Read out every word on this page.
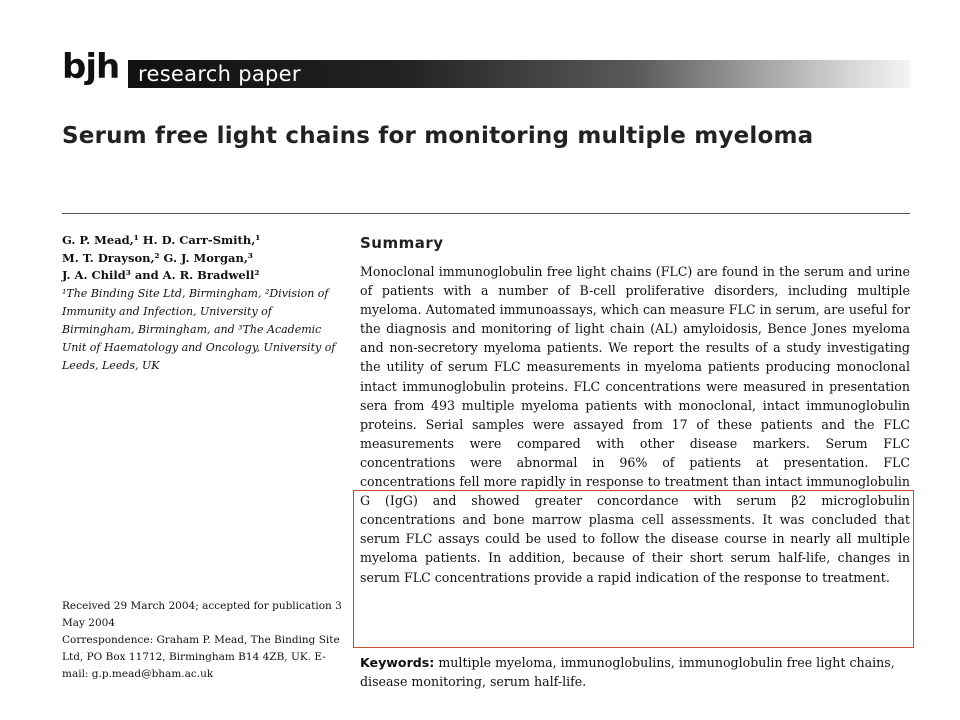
bjh research paper
Serum free light chains for monitoring multiple myeloma
G. P. Mead,¹ H. D. Carr-Smith,¹
M. T. Drayson,² G. J. Morgan,³
J. A. Child³ and A. R. Bradwell²
¹The Binding Site Ltd, Birmingham, ²Division of Immunity and Infection, University of Birmingham, Birmingham, and ³The Academic Unit of Haematology and Oncology, University of Leeds, Leeds, UK
Received 29 March 2004; accepted for publication 3 May 2004
Correspondence: Graham P. Mead, The Binding Site Ltd, PO Box 11712, Birmingham B14 4ZB, UK. E-mail: g.p.mead@bham.ac.uk
Summary
Monoclonal immunoglobulin free light chains (FLC) are found in the serum and urine of patients with a number of B-cell proliferative disorders, including multiple myeloma. Automated immunoassays, which can measure FLC in serum, are useful for the diagnosis and monitoring of light chain (AL) amyloidosis, Bence Jones myeloma and non-secretory myeloma patients. We report the results of a study investigating the utility of serum FLC measurements in myeloma patients producing monoclonal intact immunoglobulin proteins. FLC concentrations were measured in presentation sera from 493 multiple myeloma patients with monoclonal, intact immunoglobulin proteins. Serial samples were assayed from 17 of these patients and the FLC measurements were compared with other disease markers. Serum FLC concentrations were abnormal in 96% of patients at presentation. FLC concentrations fell more rapidly in response to treatment than intact immunoglobulin G (IgG) and showed greater concordance with serum β2 microglobulin concentrations and bone marrow plasma cell assessments. It was concluded that serum FLC assays could be used to follow the disease course in nearly all multiple myeloma patients. In addition, because of their short serum half-life, changes in serum FLC concentrations provide a rapid indication of the response to treatment.
Keywords: multiple myeloma, immunoglobulins, immunoglobulin free light chains, disease monitoring, serum half-life.
